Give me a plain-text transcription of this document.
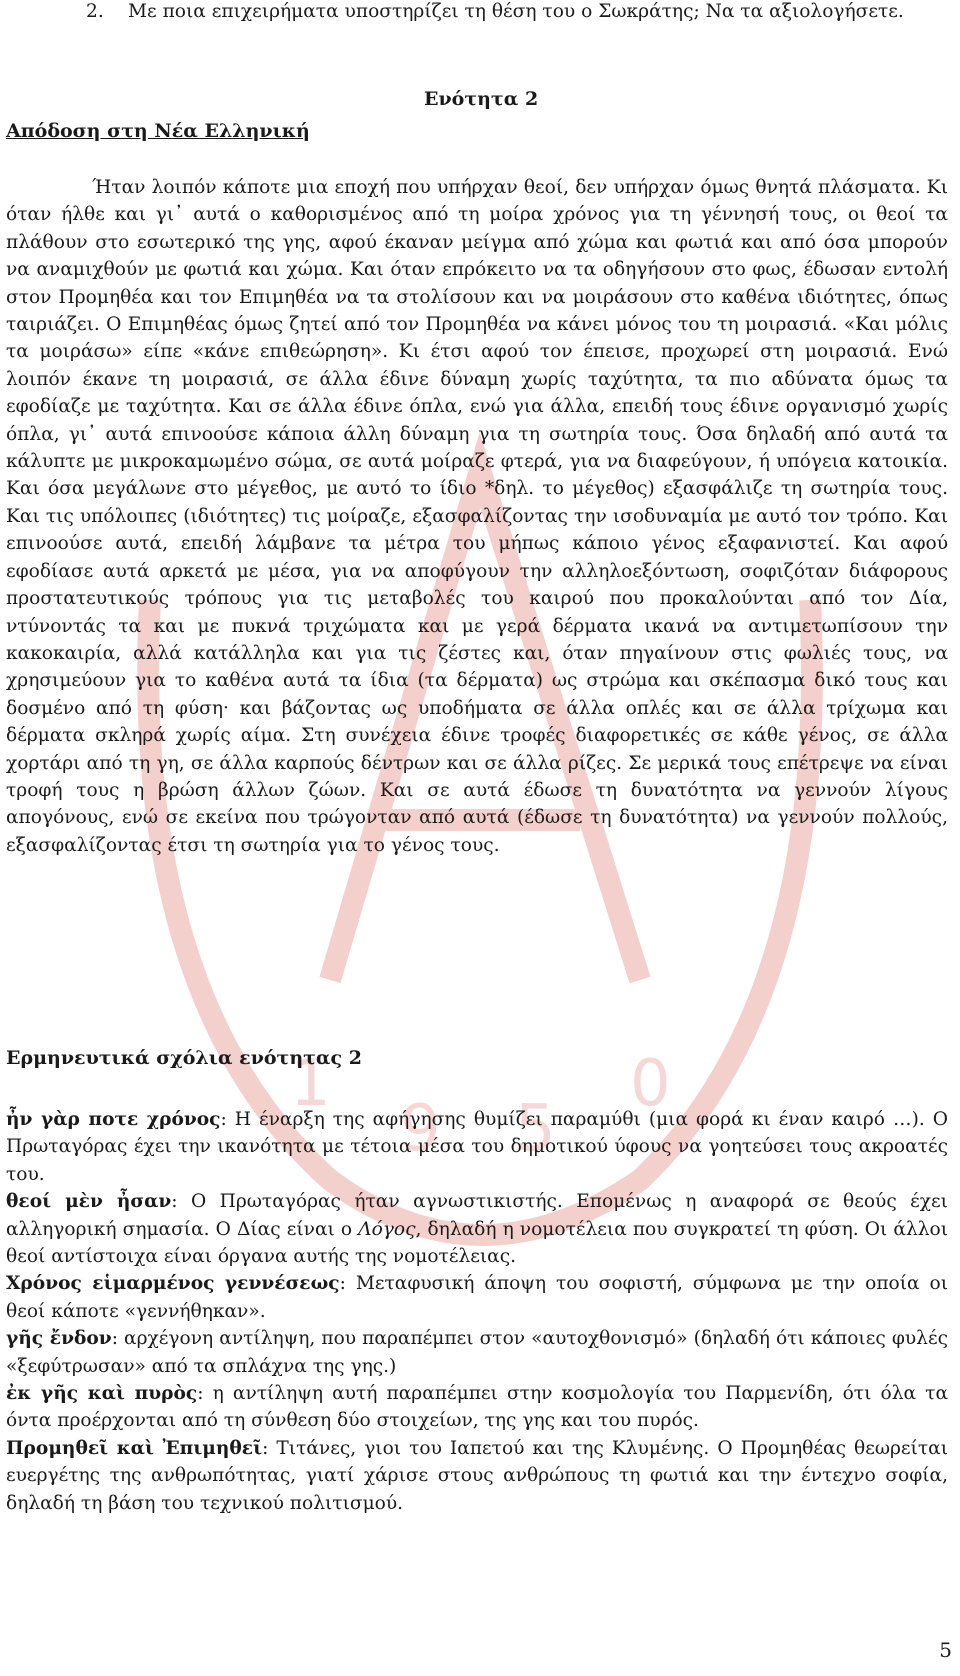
1
9 5
0
2. Με ποια επιχειρήματα υποστηρίζει τη θέση του ο Σωκράτης; Να τα αξιολογήσετε.
Ενότητα 2
Απόδοση στη Νέα Ελληνική

Ήταν λοιπόν κάποτε μια εποχή που υπήρχαν θεοί, δεν υπήρχαν όμως θνητά πλάσματα. Κι όταν ήλθε και γι᾽ αυτά ο καθορισμένος από τη μοίρα χρόνος για τη γέννησή τους, οι θεοί τα πλάθουν στο εσωτερικό της γης, αφού έκαναν μείγμα από χώμα και φωτιά και από όσα μπορούν να αναμιχθούν με φωτιά και χώμα. Και όταν επρόκειτο να τα οδηγήσουν στο φως, έδωσαν εντολή στον Προμηθέα και τον Επιμηθέα να τα στολίσουν και να μοιράσουν στο καθένα ιδιότητες, όπως ταιριάζει. Ο Επιμηθέας όμως ζητεί από τον Προμηθέα να κάνει μόνος του τη μοιρασιά. «Και μόλις τα μοιράσω» είπε «κάνε επιθεώρηση». Κι έτσι αφού τον έπεισε, προχωρεί στη μοιρασιά. Ενώ λοιπόν έκανε τη μοιρασιά, σε άλλα έδινε δύναμη χωρίς ταχύτητα, τα πιο αδύνατα όμως τα εφοδίαζε με ταχύτητα. Και σε άλλα έδινε όπλα, ενώ για άλλα, επειδή τους έδινε οργανισμό χωρίς όπλα, γι᾽ αυτά επινοούσε κάποια άλλη δύναμη για τη σωτηρία τους. Όσα δηλαδή από αυτά τα κάλυπτε με μικροκαμωμένο σώμα, σε αυτά μοίραζε φτερά, για να διαφεύγουν, ή υπόγεια κατοικία. Και όσα μεγάλωνε στο μέγεθος, με αυτό το ίδιο *δηλ. το μέγεθος) εξασφάλιζε τη σωτηρία τους. Και τις υπόλοιπες (ιδιότητες) τις μοίραζε, εξασφαλίζοντας την ισοδυναμία με αυτό τον τρόπο. Και επινοούσε αυτά, επειδή λάμβανε τα μέτρα του μήπως κάποιο γένος εξαφανιστεί. Και αφού εφοδίασε αυτά αρκετά με μέσα, για να αποφύγουν την αλληλοεξόντωση, σοφιζόταν διάφορους προστατευτικούς τρόπους για τις μεταβολές του καιρού που προκαλούνται από τον Δία, ντύνοντάς τα και με πυκνά τριχώματα και με γερά δέρματα ικανά να αντιμετωπίσουν την κακοκαιρία, αλλά κατάλληλα και για τις ζέστες και, όταν πηγαίνουν στις φωλιές τους, να χρησιμεύουν για το καθένα αυτά τα ίδια (τα δέρματα) ως στρώμα και σκέπασμα δικό τους και δοσμένο από τη φύση· και βάζοντας ως υποδήματα σε άλλα οπλές και σε άλλα τρίχωμα και δέρματα σκληρά χωρίς αίμα. Στη συνέχεια έδινε τροφές διαφορετικές σε κάθε γένος, σε άλλα χορτάρι από τη γη, σε άλλα καρπούς δέντρων και σε άλλα ρίζες. Σε μερικά τους επέτρεψε να είναι τροφή τους η βρώση άλλων ζώων. Και σε αυτά έδωσε τη δυνατότητα να γεννούν λίγους απογόνους, ενώ σε εκείνα που τρώγονταν από αυτά (έδωσε τη δυνατότητα) να γεννούν πολλούς, εξασφαλίζοντας έτσι τη σωτηρία για το γένος τους.

Ερμηνευτικά σχόλια ενότητας 2

ἦν γὰρ ποτε χρόνος: Η έναρξη της αφήγησης θυμίζει παραμύθι (μια φορά κι έναν καιρό …). Ο Πρωταγόρας έχει την ικανότητα με τέτοια μέσα του δημοτικού ύφους να γοητεύσει τους ακροατές του.

θεοί μὲν ἦσαν: Ο Πρωταγόρας ήταν αγνωστικιστής. Επομένως η αναφορά σε θεούς έχει αλληγορική σημασία. Ο Δίας είναι ο Λόγος, δηλαδή η νομοτέλεια που συγκρατεί τη φύση. Οι άλλοι θεοί αντίστοιχα είναι όργανα αυτής της νομοτέλειας.

Χρόνος εἱμαρμένος γεννέσεως: Μεταφυσική άποψη του σοφιστή, σύμφωνα με την οποία οι θεοί κάποτε «γεννήθηκαν».

γῆς ἔνδον: αρχέγονη αντίληψη, που παραπέμπει στον «αυτοχθονισμό» (δηλαδή ότι κάποιες φυλές «ξεφύτρωσαν» από τα σπλάχνα της γης.)

ἐκ γῆς καὶ πυρὸς: η αντίληψη αυτή παραπέμπει στην κοσμολογία του Παρμενίδη, ότι όλα τα όντα προέρχονται από τη σύνθεση δύο στοιχείων, της γης και του πυρός.

Προμηθεῖ καὶ Ἐπιμηθεῖ: Τιτάνες, γιοι του Ιαπετού και της Κλυμένης. Ο Προμηθέας θεωρείται ευεργέτης της ανθρωπότητας, γιατί χάρισε στους ανθρώπους τη φωτιά και την έντεχνο σοφία, δηλαδή τη βάση του τεχνικού πολιτισμού.

5
